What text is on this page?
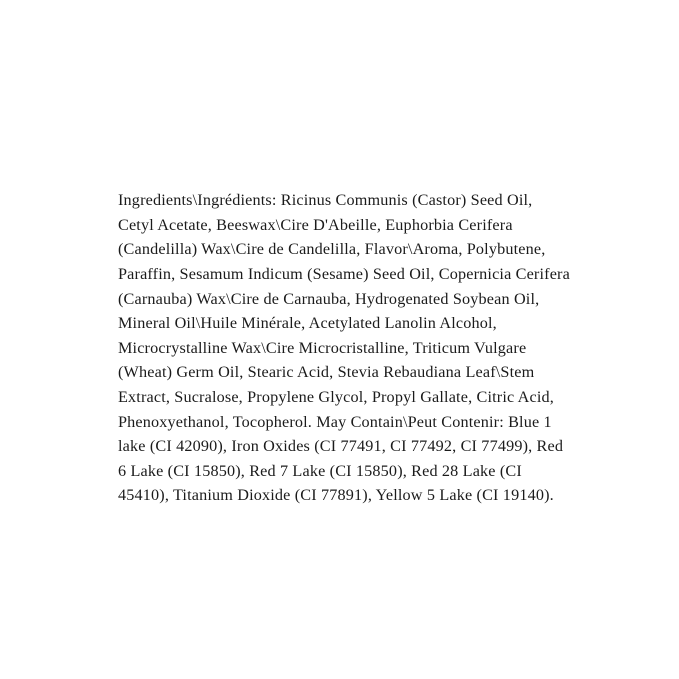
Ingredients\Ingrédients: Ricinus Communis (Castor) Seed Oil, Cetyl Acetate, Beeswax\Cire D'Abeille, Euphorbia Cerifera (Candelilla) Wax\Cire de Candelilla, Flavor\Aroma, Polybutene, Paraffin, Sesamum Indicum (Sesame) Seed Oil, Copernicia Cerifera (Carnauba) Wax\Cire de Carnauba, Hydrogenated Soybean Oil, Mineral Oil\Huile Minérale, Acetylated Lanolin Alcohol, Microcrystalline Wax\Cire Microcristalline, Triticum Vulgare (Wheat) Germ Oil, Stearic Acid, Stevia Rebaudiana Leaf\Stem Extract, Sucralose, Propylene Glycol, Propyl Gallate, Citric Acid, Phenoxyethanol, Tocopherol. May Contain\Peut Contenir: Blue 1 lake (CI 42090), Iron Oxides (CI 77491, CI 77492, CI 77499), Red 6 Lake (CI 15850), Red 7 Lake (CI 15850), Red 28 Lake (CI 45410), Titanium Dioxide (CI 77891), Yellow 5 Lake (CI 19140).
